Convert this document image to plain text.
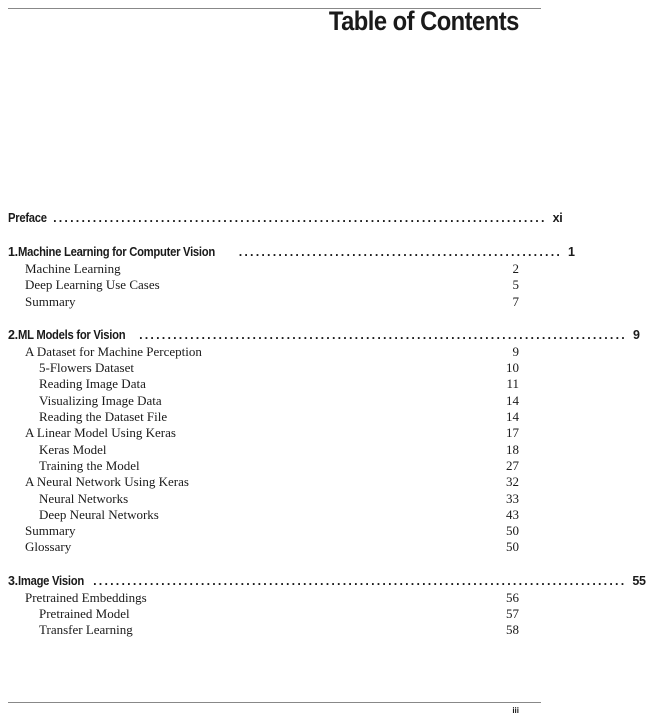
Table of Contents
Preface ....................................................................................... xi
1. Machine Learning for Computer Vision ......................................................... 1
Machine Learning	2
Deep Learning Use Cases	5
Summary	7
2. ML Models for Vision ...................................................................................... 9
A Dataset for Machine Perception	9
5-Flowers Dataset	10
Reading Image Data	11
Visualizing Image Data	14
Reading the Dataset File	14
A Linear Model Using Keras	17
Keras Model	18
Training the Model	27
A Neural Network Using Keras	32
Neural Networks	33
Deep Neural Networks	43
Summary	50
Glossary	50
3. Image Vision .............................................................................................. 55
Pretrained Embeddings	56
Pretrained Model	57
Transfer Learning	58
iii
